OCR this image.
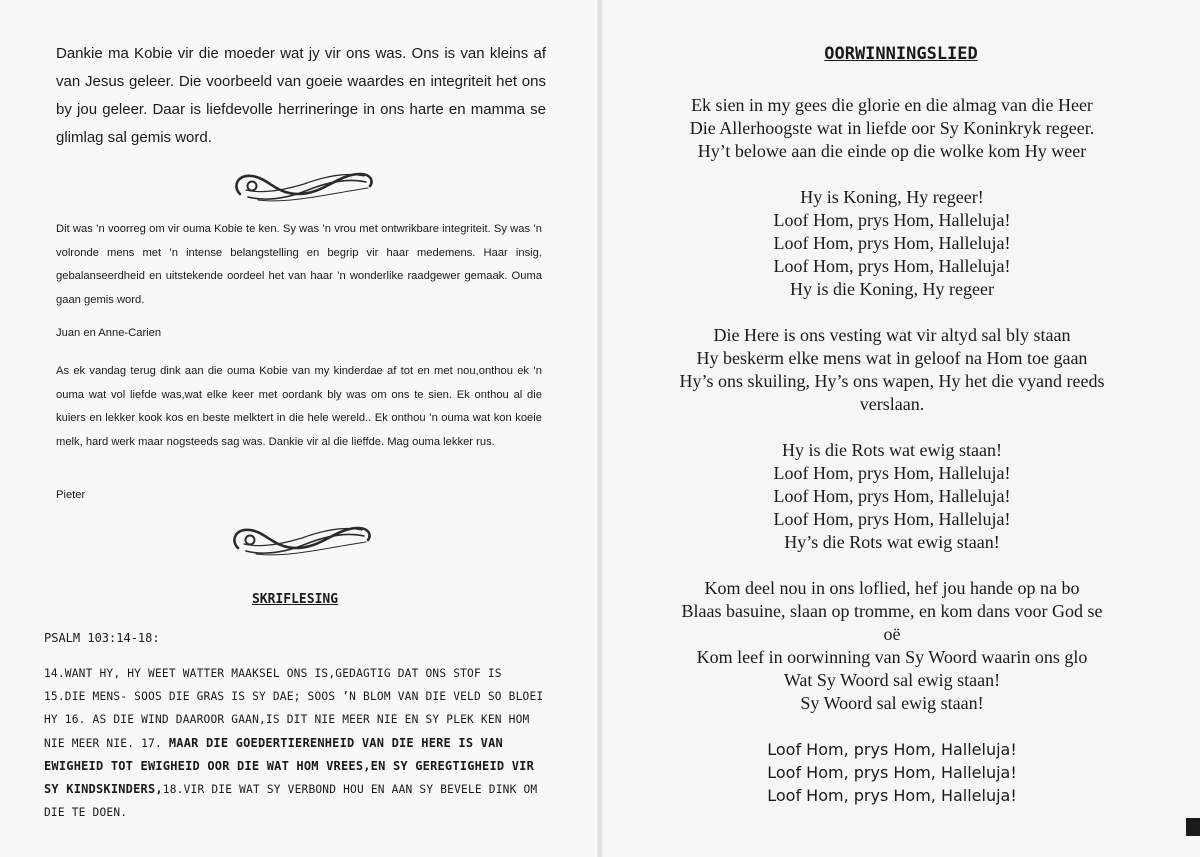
Dankie ma Kobie vir die moeder wat jy vir ons was. Ons is van kleins af van Jesus geleer. Die voorbeeld van goeie waardes en integriteit het ons by jou geleer. Daar is liefdevolle herrineringe in ons harte en mamma se glimlag sal gemis word.

Dit was ’n voorreg om vir ouma Kobie te ken. Sy was ’n vrou met ontwrikbare integriteit. Sy was ’n volronde mens met ’n intense belangstelling en begrip vir haar medemens. Haar insig, gebalanseerdheid en uitstekende oordeel het van haar ’n wonderlike raadgewer gemaak. Ouma gaan gemis word.

Juan en Anne-Carien

As ek vandag terug dink aan die ouma Kobie van my kinderdae af tot en met nou,onthou ek ’n ouma wat vol liefde was,wat elke keer met oordank bly was om ons te sien. Ek onthou al die kuiers en lekker kook kos en beste melktert in die hele wereld.. Ek onthou ’n ouma wat kon koeie melk, hard werk maar nogsteeds sag was. Dankie vir al die lieffde. Mag ouma lekker rus.

Pieter

SKRIFLESING

PSALM 103:14-18:

14.WANT HY, HY WEET WATTER MAAKSEL ONS IS,GEDAGTIG DAT ONS STOF IS 15.DIE MENS- SOOS DIE GRAS IS SY DAE; SOOS ’N BLOM VAN DIE VELD SO BLOEI HY 16. AS DIE WIND DAAROOR GAAN,IS DIT NIE MEER NIE EN SY PLEK KEN HOM NIE MEER NIE. 17. MAAR DIE GOEDERTIERENHEID VAN DIE HERE IS VAN EWIGHEID TOT EWIGHEID OOR DIE WAT HOM VREES,EN SY GEREGTIGHEID VIR SY KINDSKINDERS,18.VIR DIE WAT SY VERBOND HOU EN AAN SY BEVELE DINK OM DIE TE DOEN.

OORWINNINGSLIED

Ek sien in my gees die glorie en die almag van die Heer
Die Allerhoogste wat in liefde oor Sy Koninkryk regeer.
Hy’t belowe aan die einde op die wolke kom Hy weer
Hy is Koning, Hy regeer!
Loof Hom, prys Hom, Halleluja!
Loof Hom, prys Hom, Halleluja!
Loof Hom, prys Hom, Halleluja!
Hy is die Koning, Hy regeer
Die Here is ons vesting wat vir altyd sal bly staan
Hy beskerm elke mens wat in geloof na Hom toe gaan
Hy’s ons skuiling, Hy’s ons wapen, Hy het die vyand reeds
verslaan.
Hy is die Rots wat ewig staan!
Loof Hom, prys Hom, Halleluja!
Loof Hom, prys Hom, Halleluja!
Loof Hom, prys Hom, Halleluja!
Hy’s die Rots wat ewig staan!
Kom deel nou in ons loflied, hef jou hande op na bo
Blaas basuine, slaan op tromme, en kom dans voor God se
oë
Kom leef in oorwinning van Sy Woord waarin ons glo
Wat Sy Woord sal ewig staan!
Sy Woord sal ewig staan!
Loof Hom, prys Hom, Halleluja!
Loof Hom, prys Hom, Halleluja!
Loof Hom, prys Hom, Halleluja!
